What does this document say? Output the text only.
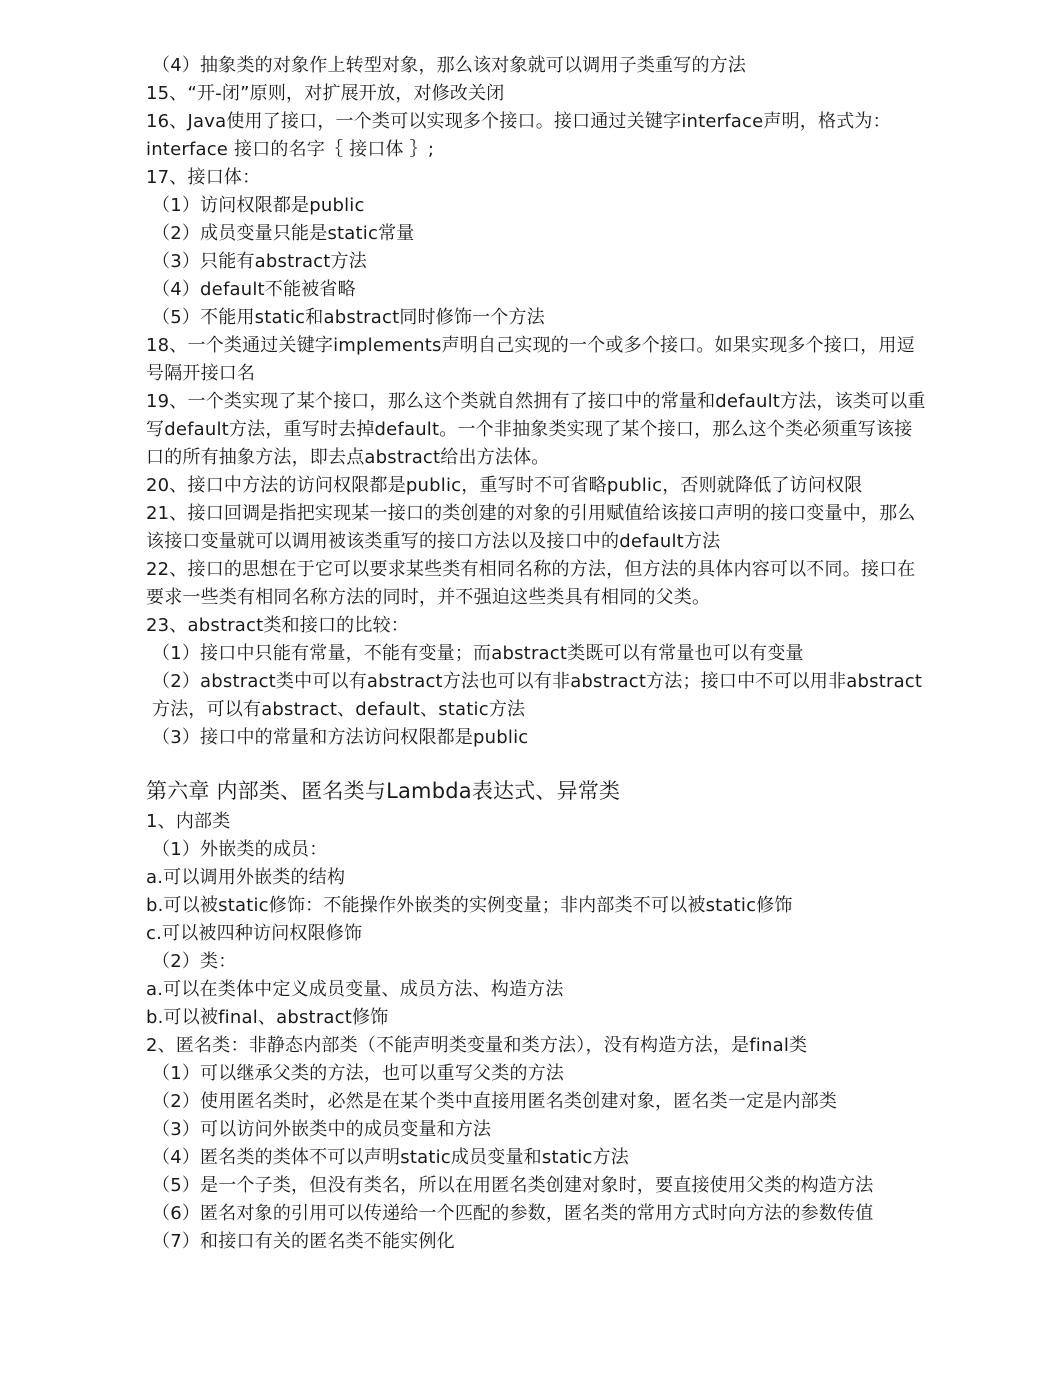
（4）抽象类的对象作上转型对象，那么该对象就可以调用子类重写的方法
15、“开-闭”原则，对扩展开放，对修改关闭
16、Java使用了接口，一个类可以实现多个接口。接口通过关键字interface声明，格式为：
interface 接口的名字｛ 接口体 ｝;
17、接口体：
（1）访问权限都是public
（2）成员变量只能是static常量
（3）只能有abstract方法
（4）default不能被省略
（5）不能用static和abstract同时修饰一个方法
18、一个类通过关键字implements声明自己实现的一个或多个接口。如果实现多个接口，用逗号隔开接口名
19、一个类实现了某个接口，那么这个类就自然拥有了接口中的常量和default方法，该类可以重写default方法，重写时去掉default。一个非抽象类实现了某个接口，那么这个类必须重写该接口的所有抽象方法，即去点abstract给出方法体。
20、接口中方法的访问权限都是public，重写时不可省略public，否则就降低了访问权限
21、接口回调是指把实现某一接口的类创建的对象的引用赋值给该接口声明的接口变量中，那么该接口变量就可以调用被该类重写的接口方法以及接口中的default方法
22、接口的思想在于它可以要求某些类有相同名称的方法，但方法的具体内容可以不同。接口在要求一些类有相同名称方法的同时，并不强迫这些类具有相同的父类。
23、abstract类和接口的比较：
（1）接口中只能有常量，不能有变量；而abstract类既可以有常量也可以有变量
（2）abstract类中可以有abstract方法也可以有非abstract方法；接口中不可以用非abstract方法，可以有abstract、default、static方法
（3）接口中的常量和方法访问权限都是public
第六章 内部类、匿名类与Lambda表达式、异常类
1、内部类
（1）外嵌类的成员：
a.可以调用外嵌类的结构
b.可以被static修饰：不能操作外嵌类的实例变量；非内部类不可以被static修饰
c.可以被四种访问权限修饰
（2）类：
a.可以在类体中定义成员变量、成员方法、构造方法
b.可以被final、abstract修饰
2、匿名类：非静态内部类（不能声明类变量和类方法），没有构造方法，是final类
（1）可以继承父类的方法，也可以重写父类的方法
（2）使用匿名类时，必然是在某个类中直接用匿名类创建对象，匿名类一定是内部类
（3）可以访问外嵌类中的成员变量和方法
（4）匿名类的类体不可以声明static成员变量和static方法
（5）是一个子类，但没有类名，所以在用匿名类创建对象时，要直接使用父类的构造方法
（6）匿名对象的引用可以传递给一个匹配的参数，匿名类的常用方式时向方法的参数传值
（7）和接口有关的匿名类不能实例化
